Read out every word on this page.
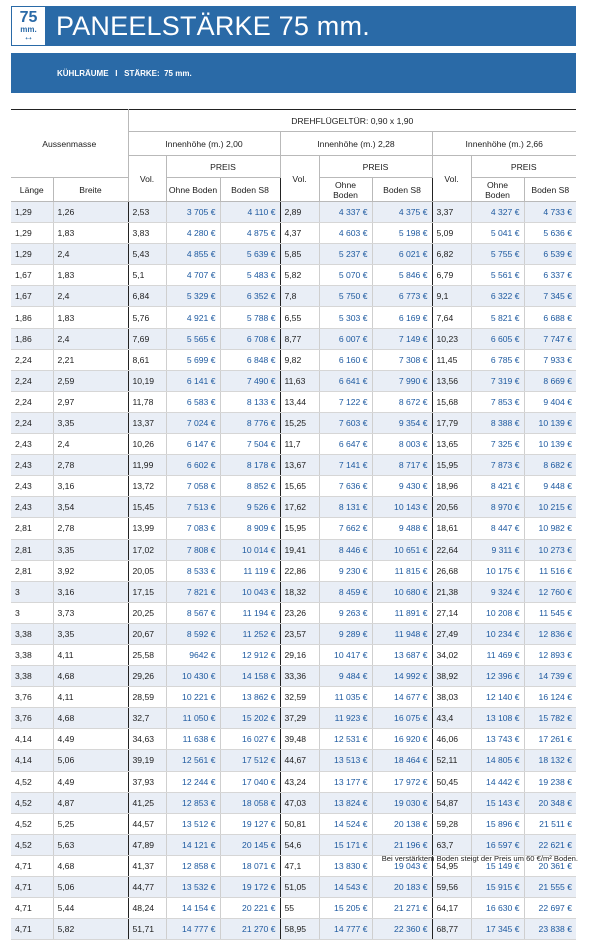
75
mm.
↔ PANEELSTÄRKE 75 mm.
KÜHLRÄUME   I   STÄRKE:  75 mm.
Aussenmasse		DREHFLÜGELTÜR: 0,90 x 1,90								
		Innenhöhe (m.) 2,00			Innenhöhe (m.) 2,28			Innenhöhe (m.) 2,66		
		Vol.	PREIS		Vol.	PREIS		Vol.	PREIS	
Länge	Breite		Ohne Boden	Boden S8		Ohne Boden	Boden S8		Ohne Boden	Boden S8
1,29	1,26	2,53	3 705 €	4 110 €	2,89	4 337 €	4 375 €	3,37	4 327 €	4 733 €
1,29	1,83	3,83	4 280 €	4 875 €	4,37	4 603 €	5 198 €	5,09	5 041 €	5 636 €
1,29	2,4	5,43	4 855 €	5 639 €	5,85	5 237 €	6 021 €	6,82	5 755 €	6 539 €
1,67	1,83	5,1	4 707 €	5 483 €	5,82	5 070 €	5 846 €	6,79	5 561 €	6 337 €
1,67	2,4	6,84	5 329 €	6 352 €	7,8	5 750 €	6 773 €	9,1	6 322 €	7 345 €
1,86	1,83	5,76	4 921 €	5 788 €	6,55	5 303 €	6 169 €	7,64	5 821 €	6 688 €
1,86	2,4	7,69	5 565 €	6 708 €	8,77	6 007 €	7 149 €	10,23	6 605 €	7 747 €
2,24	2,21	8,61	5 699 €	6 848 €	9,82	6 160 €	7 308 €	11,45	6 785 €	7 933 €
2,24	2,59	10,19	6 141 €	7 490 €	11,63	6 641 €	7 990 €	13,56	7 319 €	8 669 €
2,24	2,97	11,78	6 583 €	8 133 €	13,44	7 122 €	8 672 €	15,68	7 853 €	9 404 €
2,24	3,35	13,37	7 024 €	8 776 €	15,25	7 603 €	9 354 €	17,79	8 388 €	10 139 €
2,43	2,4	10,26	6 147 €	7 504 €	11,7	6 647 €	8 003 €	13,65	7 325 €	10 139 €
2,43	2,78	11,99	6 602 €	8 178 €	13,67	7 141 €	8 717 €	15,95	7 873 €	8 682 €
2,43	3,16	13,72	7 058 €	8 852 €	15,65	7 636 €	9 430 €	18,96	8 421 €	9 448 €
2,43	3,54	15,45	7 513 €	9 526 €	17,62	8 131 €	10 143 €	20,56	8 970 €	10 215 €
2,81	2,78	13,99	7 083 €	8 909 €	15,95	7 662 €	9 488 €	18,61	8 447 €	10 982 €
2,81	3,35	17,02	7 808 €	10 014 €	19,41	8 446 €	10 651 €	22,64	9 311 €	10 273 €
2,81	3,92	20,05	8 533 €	11 119 €	22,86	9 230 €	11 815 €	26,68	10 175 €	11 516 €
3	3,16	17,15	7 821 €	10 043 €	18,32	8 459 €	10 680 €	21,38	9 324 €	12 760 €
3	3,73	20,25	8 567 €	11 194 €	23,26	9 263 €	11 891 €	27,14	10 208 €	11 545 €
3,38	3,35	20,67	8 592 €	11 252 €	23,57	9 289 €	11 948 €	27,49	10 234 €	12 836 €
3,38	4,11	25,58	9642 €	12 912 €	29,16	10 417 €	13 687 €	34,02	11 469 €	12 893 €
3,38	4,68	29,26	10 430 €	14 158 €	33,36	9 484 €	14 992 €	38,92	12 396 €	14 739 €
3,76	4,11	28,59	10 221 €	13 862 €	32,59	11 035 €	14 677 €	38,03	12 140 €	16 124 €
3,76	4,68	32,7	11 050 €	15 202 €	37,29	11 923 €	16 075 €	43,4	13 108 €	15 782 €
4,14	4,49	34,63	11 638 €	16 027 €	39,48	12 531 €	16 920 €	46,06	13 743 €	17 261 €
4,14	5,06	39,19	12 561 €	17 512 €	44,67	13 513 €	18 464 €	52,11	14 805 €	18 132 €
4,52	4,49	37,93	12 244 €	17 040 €	43,24	13 177 €	17 972 €	50,45	14 442 €	19 238 €
4,52	4,87	41,25	12 853 €	18 058 €	47,03	13 824 €	19 030 €	54,87	15 143 €	20 348 €
4,52	5,25	44,57	13 512 €	19 127 €	50,81	14 524 €	20 138 €	59,28	15 896 €	21 511 €
4,52	5,63	47,89	14 121 €	20 145 €	54,6	15 171 €	21 196 €	63,7	16 597 €	22 621 €
4,71	4,68	41,37	12 858 €	18 071 €	47,1	13 830 €	19 043 €	54,95	15 149 €	20 361 €
4,71	5,06	44,77	13 532 €	19 172 €	51,05	14 543 €	20 183 €	59,56	15 915 €	21 555 €
4,71	5,44	48,24	14 154 €	20 221 €	55	15 205 €	21 271 €	64,17	16 630 €	22 697 €
4,71	5,82	51,71	14 777 €	21 270 €	58,95	14 777 €	22 360 €	68,77	17 345 €	23 838 €
Bei verstärktem Boden steigt der Preis um 60 €/m² Boden.
